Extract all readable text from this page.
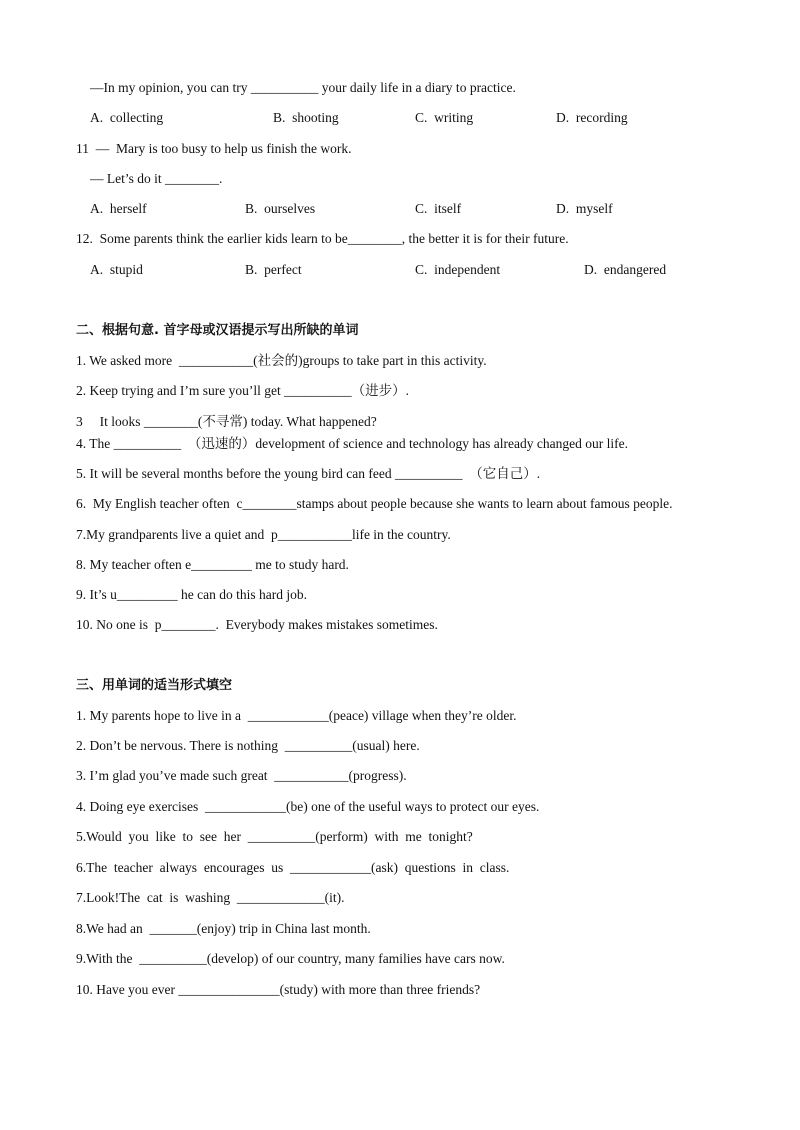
—In my opinion, you can try __________ your daily life in a diary to practice.
A.  collecting	B.  shooting	C.  writing	D.  recording
11  —  Mary is too busy to help us finish the work.
— Let’s do it ________.
A.  herself	B.  ourselves	C.  itself	D.  myself
12.  Some parents think the earlier kids learn to be________, the better it is for their future.
A.  stupid	B.  perfect	C.  independent	D.  endangered
二、根据句意. 首字母或汉语提示写出所缺的单词
1. We asked more  ___________(社会的)groups to take part in this activity.
2. Keep trying and I’m sure you’ll get __________（进步）.
3     It looks ________(不寻常) today. What happened?
4. The __________  （迅速的）development of science and technology has already changed our life.
5. It will be several months before the young bird can feed __________  （它自己）.
6.  My English teacher often  c________stamps about people because she wants to learn about famous people.
7.My grandparents live a quiet and  p___________life in the country.
8. My teacher often e_________ me to study hard.
9. It’s u_________ he can do this hard job.
10. No one is  p________.  Everybody makes mistakes sometimes.
三、用单词的适当形式填空
1. My parents hope to live in a  ____________(peace) village when they’re older.
2. Don’t be nervous. There is nothing  __________(usual) here.
3. I’m glad you’ve made such great  ___________(progress).
4. Doing eye exercises  ____________(be) one of the useful ways to protect our eyes.
5.Would  you  like  to  see  her  __________(perform)  with  me  tonight?
6.The  teacher  always  encourages  us  ____________(ask)  questions  in  class.
7.Look!The  cat  is  washing  _____________(it).
8.We had an  _______(enjoy) trip in China last month.
9.With the  __________(develop) of our country, many families have cars now.
10. Have you ever _______________(study) with more than three friends?
